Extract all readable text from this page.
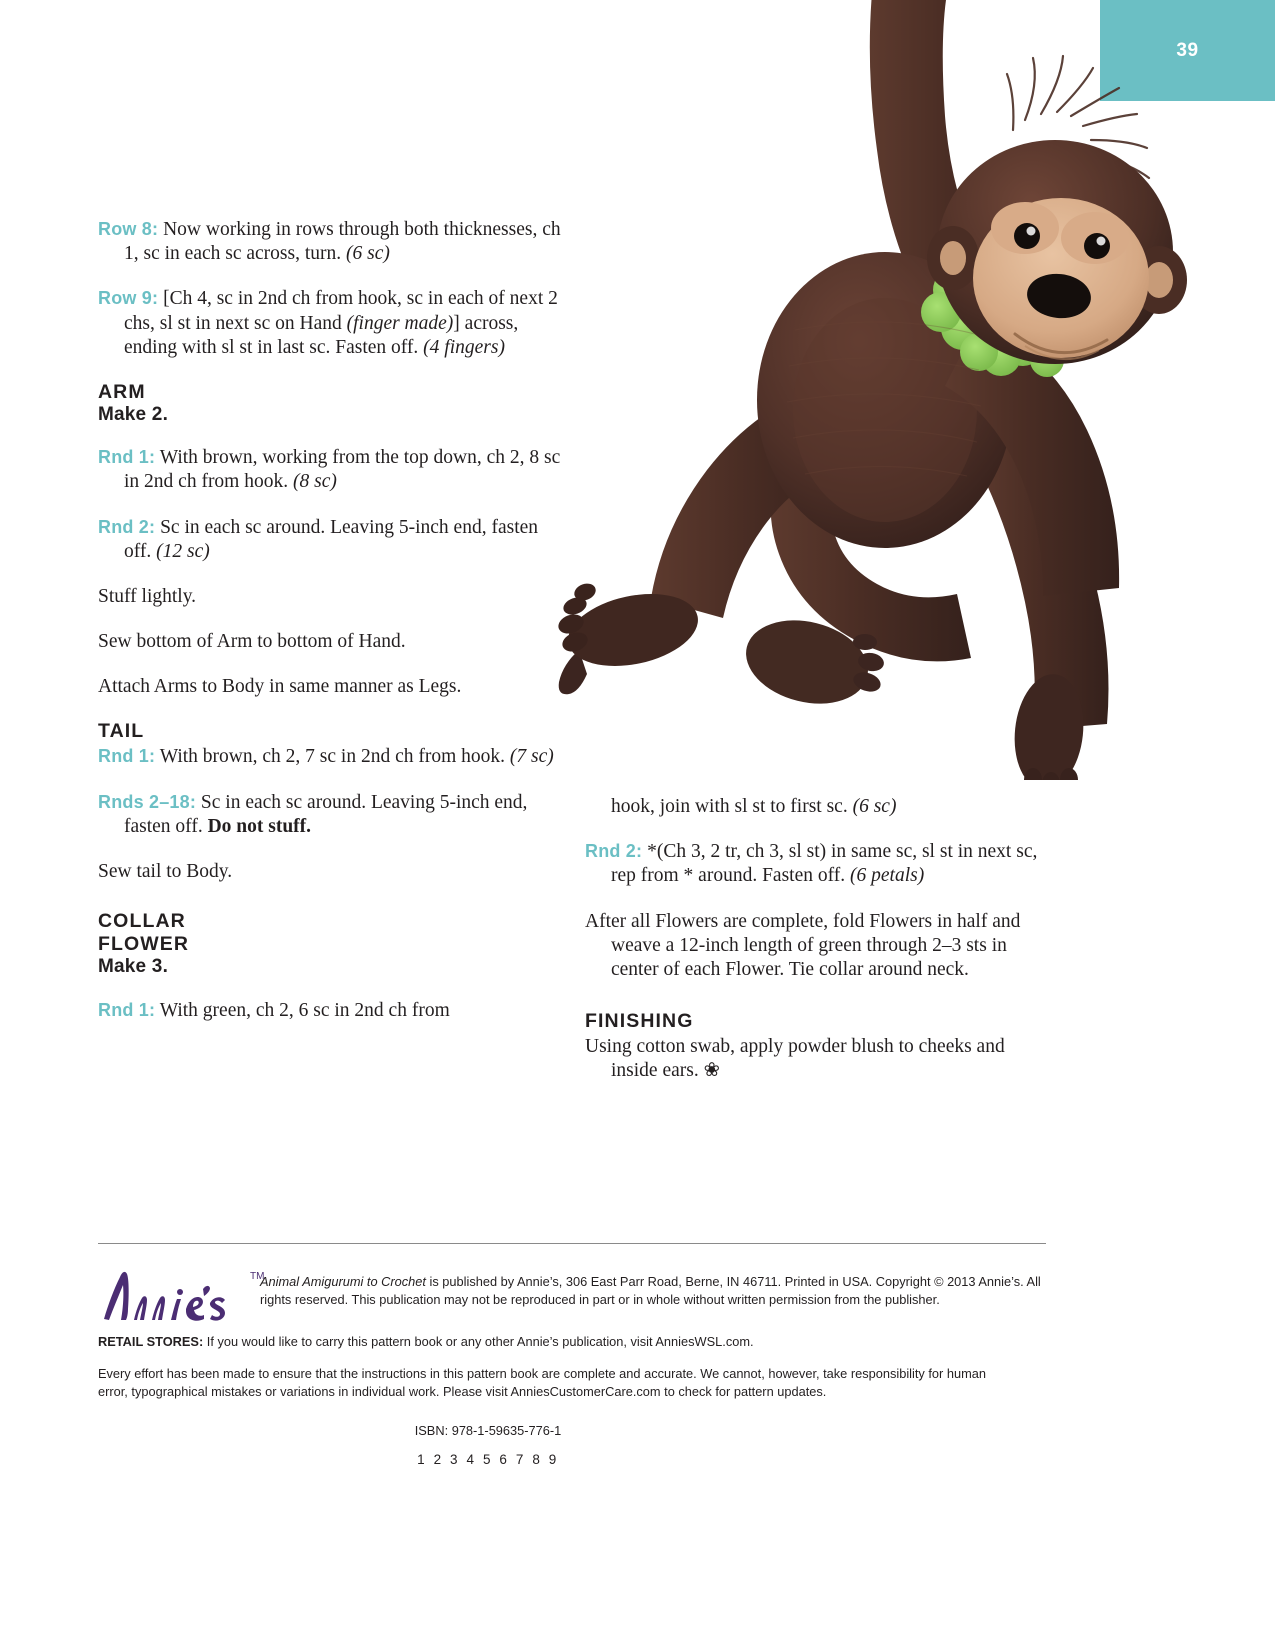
39

Row 8: Now working in rows through both thicknesses, ch 1, sc in each sc across, turn. (6 sc)

Row 9: [Ch 4, sc in 2nd ch from hook, sc in each of next 2 chs, sl st in next sc on Hand (finger made)] across, ending with sl st in last sc. Fasten off. (4 fingers)

ARM
Make 2.

Rnd 1: With brown, working from the top down, ch 2, 8 sc in 2nd ch from hook. (8 sc)

Rnd 2: Sc in each sc around. Leaving 5-inch end, fasten off. (12 sc)

Stuff lightly.

Sew bottom of Arm to bottom of Hand.

Attach Arms to Body in same manner as Legs.

TAIL

Rnd 1: With brown, ch 2, 7 sc in 2nd ch from hook. (7 sc)

Rnds 2–18: Sc in each sc around. Leaving 5-inch end, fasten off. Do not stuff.

Sew tail to Body.

COLLAR
FLOWER
Make 3.

Rnd 1: With green, ch 2, 6 sc in 2nd ch from

hook, join with sl st to first sc. (6 sc)

Rnd 2: *(Ch 3, 2 tr, ch 3, sl st) in same sc, sl st in next sc, rep from * around. Fasten off. (6 petals)

After all Flowers are complete, fold Flowers in half and weave a 12-inch length of green through 2–3 sts in center of each Flower. Tie collar around neck.

FINISHING

Using cotton swab, apply powder blush to cheeks and inside ears. ❀

TM
Animal Amigurumi to Crochet is published by Annie’s, 306 East Parr Road, Berne, IN 46711. Printed in USA. Copyright © 2013 Annie’s. All rights reserved. This publication may not be reproduced in part or in whole without written permission from the publisher.
RETAIL STORES: If you would like to carry this pattern book or any other Annie’s publication, visit AnniesWSL.com.
Every effort has been made to ensure that the instructions in this pattern book are complete and accurate. We cannot, however, take responsibility for human error, typographical mistakes or variations in individual work. Please visit AnniesCustomerCare.com to check for pattern updates.
ISBN: 978-1-59635-776-1
1 2 3 4 5 6 7 8 9
